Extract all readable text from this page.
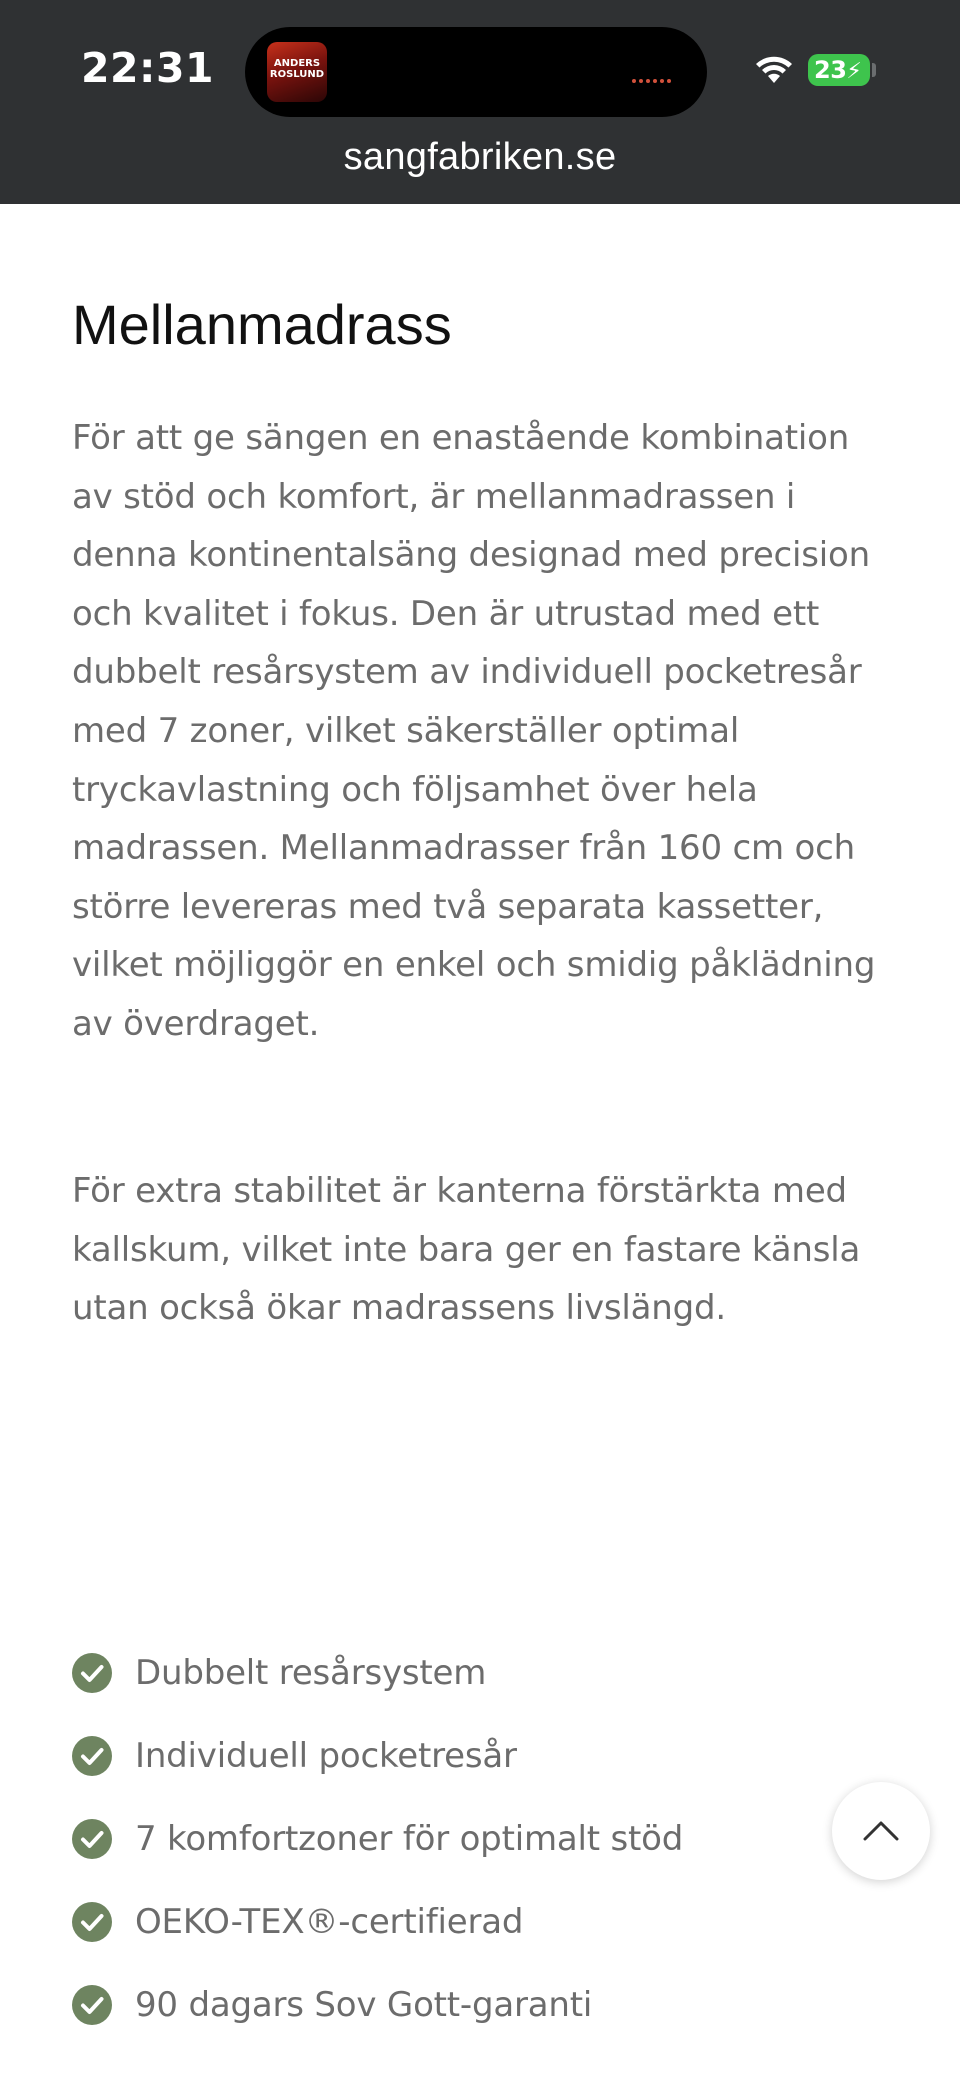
22:31	ANDERS
ROSLUND	23⚡
sangfabriken.se
Mellanmadrass

För att ge sängen en enastående kombination av stöd och komfort, är mellanmadrassen i denna kontinentalsäng designad med precision och kvalitet i fokus. Den är utrustad med ett dubbelt resårsystem av individuell pocketresår med 7 zoner, vilket säkerställer optimal tryckavlastning och följsamhet över hela madrassen. Mellanmadrasser från 160 cm och större levereras med två separata kassetter, vilket möjliggör en enkel och smidig påklädning av överdraget.

För extra stabilitet är kanterna förstärkta med kallskum, vilket inte bara ger en fastare känsla utan också ökar madrassens livslängd.

Dubbelt resårsystem
Individuell pocketresår
7 komfortzoner för optimalt stöd
OEKO-TEX®-certifierad
90 dagars Sov Gott-garanti
